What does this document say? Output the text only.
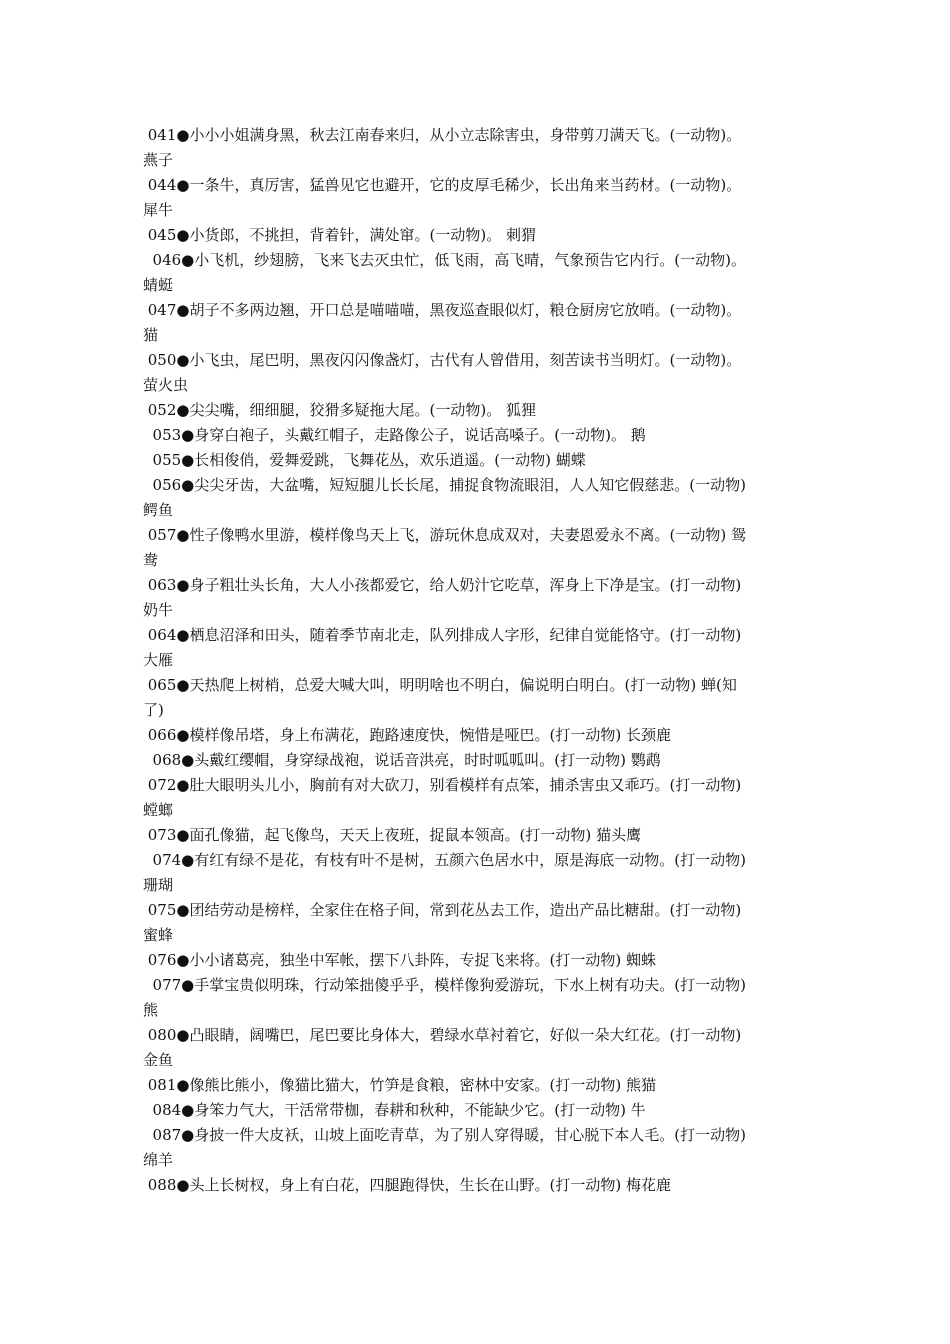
041●小小小姐满身黑，秋去江南春来归，从小立志除害虫，身带剪刀满天飞。(一动物)。
燕子
044●一条牛，真厉害，猛兽见它也避开，它的皮厚毛稀少，长出角来当药材。(一动物)。
犀牛
045●小货郎，不挑担，背着针，满处窜。(一动物)。 刺猬
046●小飞机，纱翅膀，飞来飞去灭虫忙，低飞雨，高飞晴，气象预告它内行。(一动物)。
蜻蜓
047●胡子不多两边翘，开口总是喵喵喵，黑夜巡查眼似灯，粮仓厨房它放哨。(一动物)。
猫
050●小飞虫，尾巴明，黑夜闪闪像盏灯，古代有人曾借用，刻苦读书当明灯。(一动物)。
萤火虫
052●尖尖嘴，细细腿，狡猾多疑拖大尾。(一动物)。 狐狸
053●身穿白袍子，头戴红帽子，走路像公子，说话高嗓子。(一动物)。 鹅
055●长相俊俏，爱舞爱跳，飞舞花丛，欢乐逍遥。(一动物) 蝴蝶
056●尖尖牙齿，大盆嘴，短短腿儿长长尾，捕捉食物流眼泪，人人知它假慈悲。(一动物)
鳄鱼
057●性子像鸭水里游，模样像鸟天上飞，游玩休息成双对，夫妻恩爱永不离。(一动物) 鸳
鸯
063●身子粗壮头长角，大人小孩都爱它，给人奶汁它吃草，浑身上下净是宝。(打一动物)
奶牛
064●栖息沼泽和田头，随着季节南北走，队列排成人字形，纪律自觉能恪守。(打一动物)
大雁
065●天热爬上树梢，总爱大喊大叫，明明啥也不明白，偏说明白明白。(打一动物) 蝉(知
了)
066●模样像吊塔，身上布满花，跑路速度快，惋惜是哑巴。(打一动物) 长颈鹿
068●头戴红缨帽，身穿绿战袍，说话音洪亮，时时呱呱叫。(打一动物) 鹦鹉
072●肚大眼明头儿小，胸前有对大砍刀，别看模样有点笨，捕杀害虫又乖巧。(打一动物)
螳螂
073●面孔像猫，起飞像鸟，天天上夜班，捉鼠本领高。(打一动物) 猫头鹰
074●有红有绿不是花，有枝有叶不是树，五颜六色居水中，原是海底一动物。(打一动物)
珊瑚
075●团结劳动是榜样，全家住在格子间，常到花丛去工作，造出产品比糖甜。(打一动物)
蜜蜂
076●小小诸葛亮，独坐中军帐，摆下八卦阵，专捉飞来将。(打一动物) 蜘蛛
077●手掌宝贵似明珠，行动笨拙傻乎乎，模样像狗爱游玩，下水上树有功夫。(打一动物)
熊
080●凸眼睛，阔嘴巴，尾巴要比身体大，碧绿水草衬着它，好似一朵大红花。(打一动物)
金鱼
081●像熊比熊小，像猫比猫大，竹笋是食粮，密林中安家。(打一动物) 熊猫
084●身笨力气大，干活常带枷，春耕和秋种，不能缺少它。(打一动物) 牛
087●身披一件大皮袄，山坡上面吃青草，为了别人穿得暖，甘心脱下本人毛。(打一动物)
绵羊
088●头上长树杈，身上有白花，四腿跑得快，生长在山野。(打一动物) 梅花鹿
